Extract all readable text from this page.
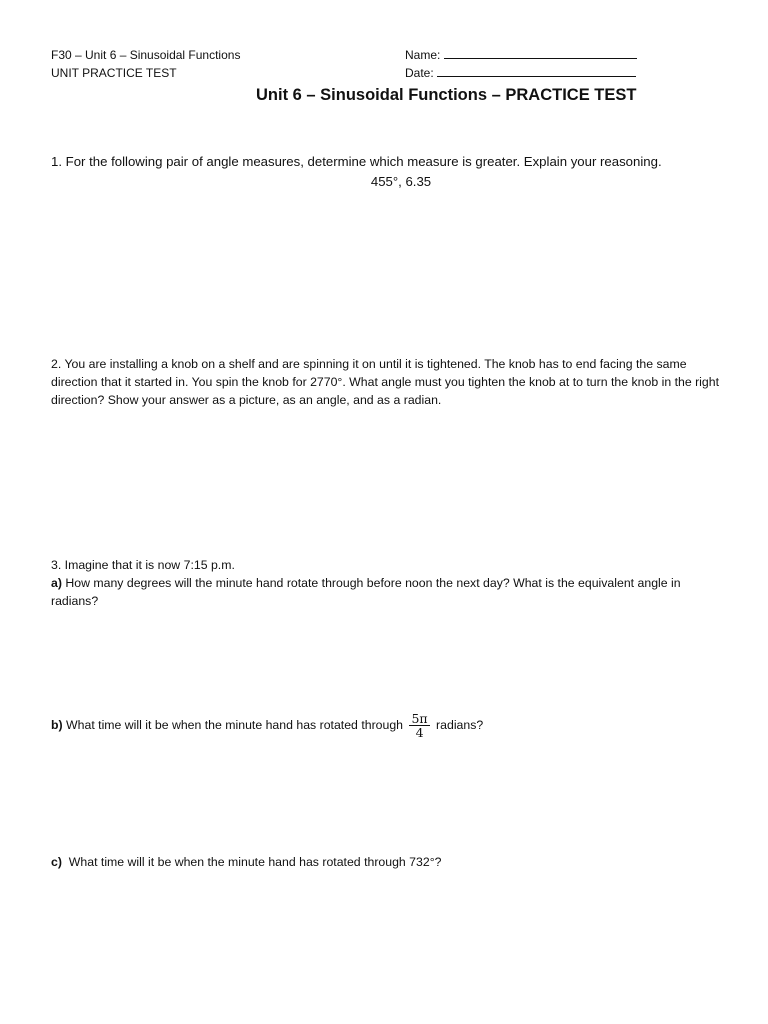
F30 – Unit 6 – Sinusoidal Functions
UNIT PRACTICE TEST
Name:
Date:
Unit 6 – Sinusoidal Functions – PRACTICE TEST
1. For the following pair of angle measures, determine which measure is greater. Explain your reasoning.
455°, 6.35
2. You are installing a knob on a shelf and are spinning it on until it is tightened. The knob has to end facing the same direction that it started in. You spin the knob for 2770°. What angle must you tighten the knob at to turn the knob in the right direction? Show your answer as a picture, as an angle, and as a radian.
3. Imagine that it is now 7:15 p.m.
a) How many degrees will the minute hand rotate through before noon the next day? What is the equivalent angle in radians?
b) What time will it be when the minute hand has rotated through $\frac{5\pi}{4}$ radians?
c) What time will it be when the minute hand has rotated through 732°?
